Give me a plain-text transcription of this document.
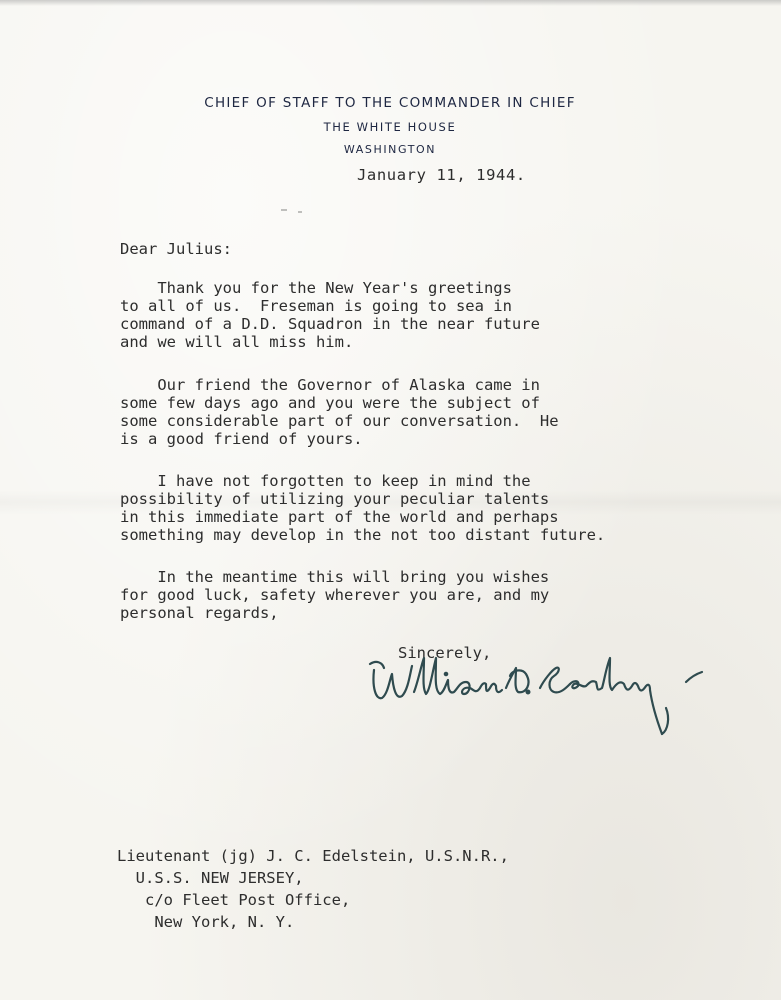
CHIEF OF STAFF TO THE COMMANDER IN CHIEF
THE WHITE HOUSE
WASHINGTON
January 11, 1944.
Dear Julius:
Thank you for the New Year's greetings
to all of us.  Freseman is going to sea in
command of a D.D. Squadron in the near future
and we will all miss him.
Our friend the Governor of Alaska came in
some few days ago and you were the subject of
some considerable part of our conversation.  He
is a good friend of yours.
I have not forgotten to keep in mind the
possibility of utilizing your peculiar talents
in this immediate part of the world and perhaps
something may develop in the not too distant future.
In the meantime this will bring you wishes
for good luck, safety wherever you are, and my
personal regards,
Sincerely,
Lieutenant (jg) J. C. Edelstein, U.S.N.R.,
U.S.S. NEW JERSEY,
c/o Fleet Post Office,
New York, N. Y.
